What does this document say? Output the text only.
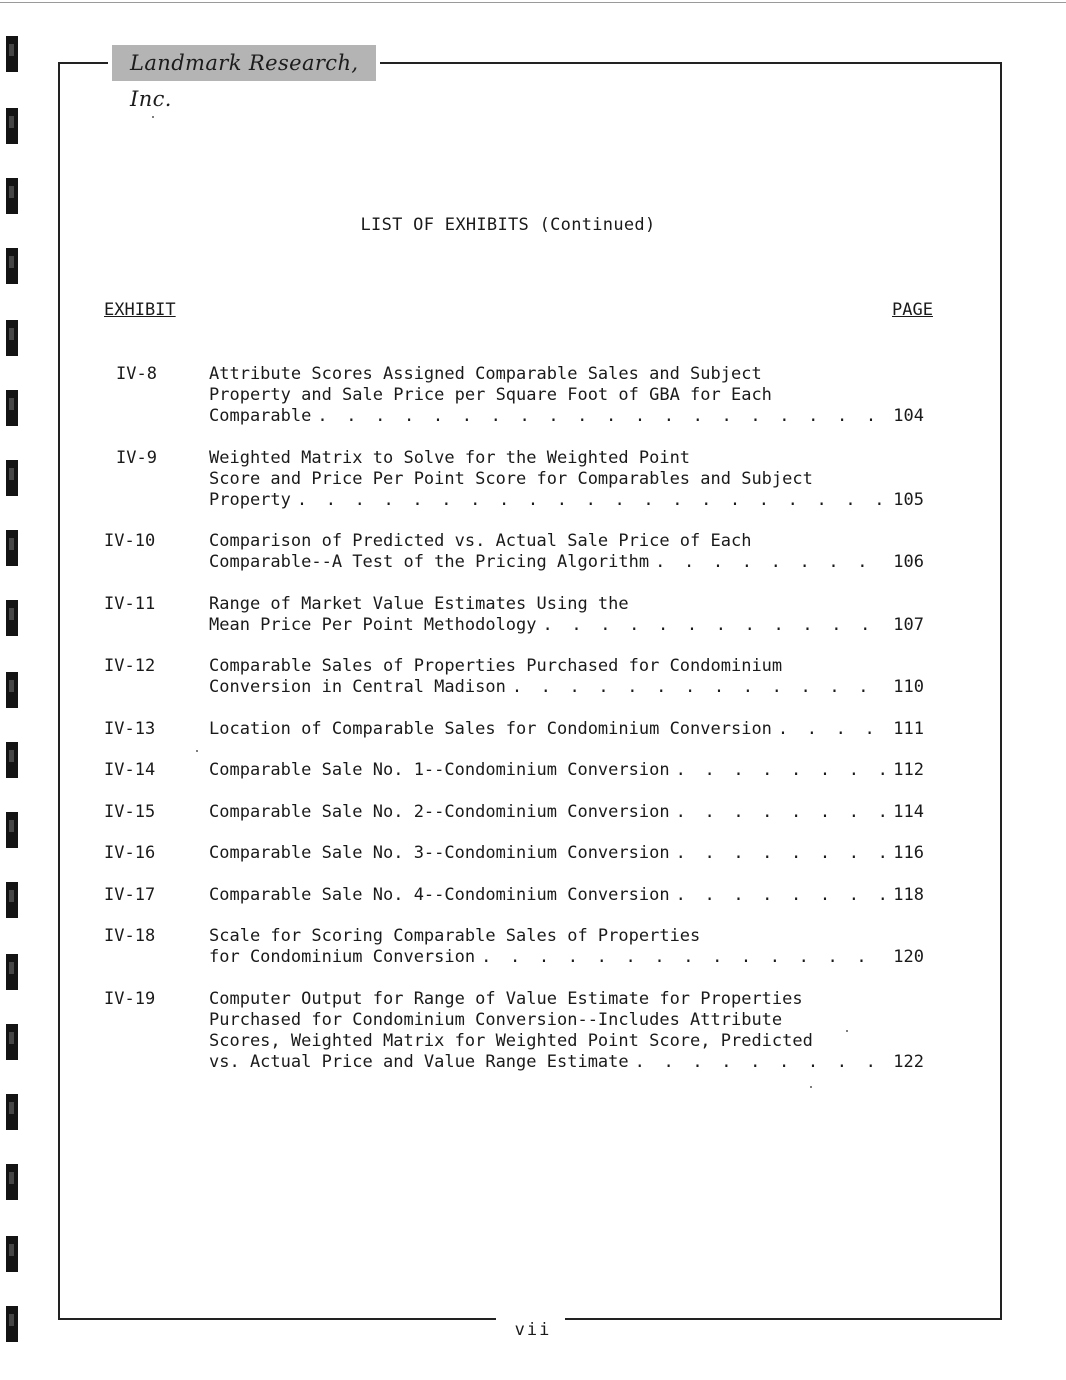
Landmark Research, Inc.
LIST OF EXHIBITS (Continued)
EXHIBIT	PAGE
IV-8	Attribute Scores Assigned Comparable Sales and Subject
Property and Sale Price per Square Foot of GBA for Each
Comparable . . .	104
IV-9	Weighted Matrix to Solve for the Weighted Point
Score and Price Per Point Score for Comparables and Subject
Property . . .	105
IV-10	Comparison of Predicted vs. Actual Sale Price of Each
Comparable--A Test of the Pricing Algorithm . . .	106
IV-11	Range of Market Value Estimates Using the
Mean Price Per Point Methodology . . .	107
IV-12	Comparable Sales of Properties Purchased for Condominium
Conversion in Central Madison . . .	110
IV-13	Location of Comparable Sales for Condominium Conversion . . .	111
IV-14	Comparable Sale No. 1--Condominium Conversion . . .	112
IV-15	Comparable Sale No. 2--Condominium Conversion . . .	114
IV-16	Comparable Sale No. 3--Condominium Conversion . . .	116
IV-17	Comparable Sale No. 4--Condominium Conversion . . .	118
IV-18	Scale for Scoring Comparable Sales of Properties
for Condominium Conversion . . .	120
IV-19	Computer Output for Range of Value Estimate for Properties
Purchased for Condominium Conversion--Includes Attribute
Scores, Weighted Matrix for Weighted Point Score, Predicted
vs. Actual Price and Value Range Estimate . . .	122
vii
